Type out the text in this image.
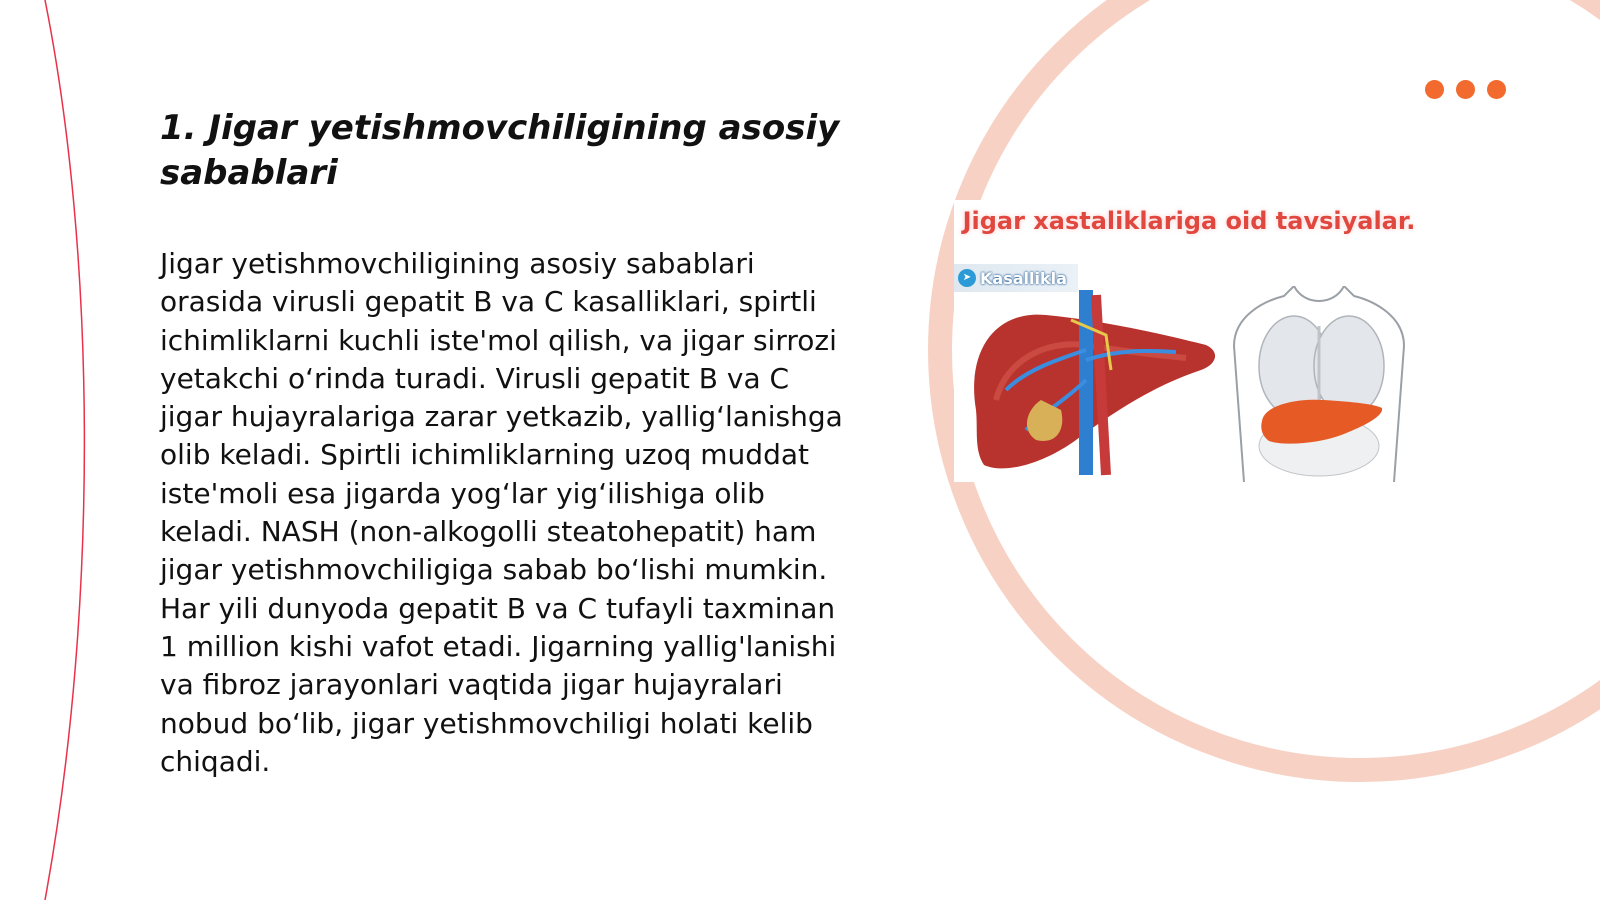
1. Jigar yetishmovchiligining asosiy sabablari

Jigar yetishmovchiligining asosiy sabablari orasida virusli gepatit B va C kasalliklari, spirtli ichimliklarni kuchli iste'mol qilish, va jigar sirrozi yetakchi o‘rinda turadi. Virusli gepatit B va C jigar hujayralariga zarar yetkazib, yallig‘lanishga olib keladi. Spirtli ichimliklarning uzoq muddat iste'moli esa jigarda yog‘lar yig‘ilishiga olib keladi. NASH (non-alkogolli steatohepatit) ham jigar yetishmovchiligiga sabab bo‘lishi mumkin. Har yili dunyoda gepatit B va C tufayli taxminan 1 million kishi vafot etadi. Jigarning yallig'lanishi va fibroz jarayonlari vaqtida jigar hujayralari nobud bo‘lib, jigar yetishmovchiligi holati kelib chiqadi.

Jigar xastaliklariga oid tavsiyalar.
➤ Kasallikla
